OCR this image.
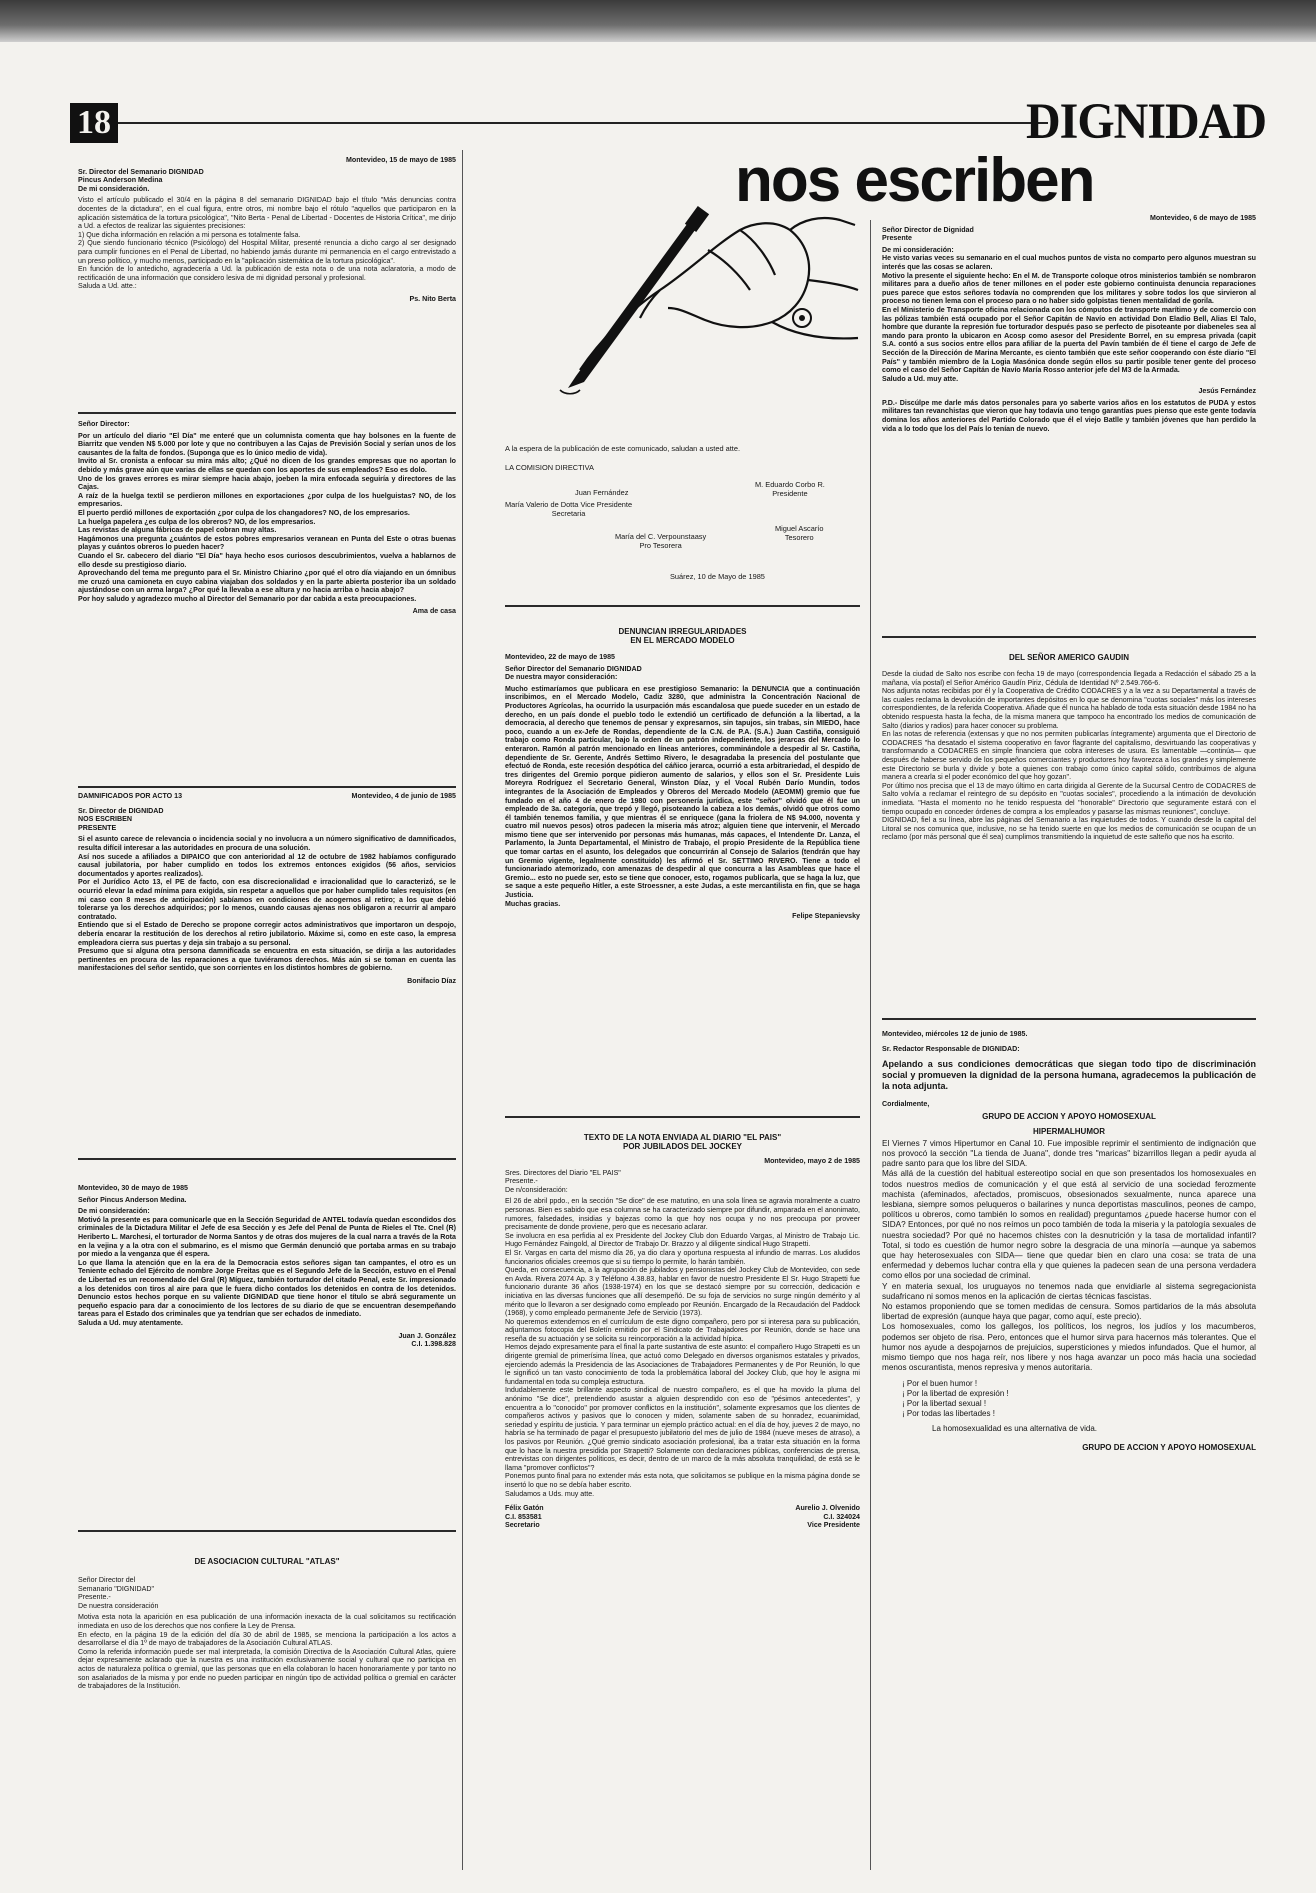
18	DIGNIDAD
nos escriben

Montevideo, 15 de mayo de 1985

Sr. Director del Semanario DIGNIDAD
Pincus Anderson Medina
De mi consideración.

Visto el artículo publicado el 30/4 en la página 8 del semanario DIGNIDAD bajo el título "Más denuncias contra docentes de la dictadura", en el cual figura, entre otros, mi nombre bajo el rótulo "aquellos que participaron en la aplicación sistemática de la tortura psicológica", "Nito Berta - Penal de Libertad - Docentes de Historia Crítica", me dirijo a Ud. a efectos de realizar las siguientes precisiones:
1) Que dicha información en relación a mi persona es totalmente falsa.
2) Que siendo funcionario técnico (Psicólogo) del Hospital Militar, presenté renuncia a dicho cargo al ser designado para cumplir funciones en el Penal de Libertad, no habiendo jamás durante mi permanencia en el cargo entrevistado a un preso político, y mucho menos, participado en la "aplicación sistemática de la tortura psicológica".
En función de lo antedicho, agradecería a Ud. la publicación de esta nota o de una nota aclaratoria, a modo de rectificación de una información que considero lesiva de mi dignidad personal y profesional.
Saluda a Ud. atte.:

Ps. Nito Berta

Señor Director:

Por un artículo del diario "El Día" me enteré que un columnista comenta que hay bolsones en la fuente de Biarritz que venden N$ 5.000 por lote y que no contribuyen a las Cajas de Previsión Social y serían unos de los causantes de la falta de fondos. (Suponga que es lo único medio de vida).
Invito al Sr. cronista a enfocar su mira más alto; ¿Qué no dicen de los grandes empresas que no aportan lo debido y más grave aún que varias de ellas se quedan con los aportes de sus empleados? Eso es dolo.
Uno de los graves errores es mirar siempre hacia abajo, joeben la mira enfocada seguiría y directores de las Cajas.
A raíz de la huelga textil se perdieron millones en exportaciones ¿por culpa de los huelguistas? NO, de los empresarios.
El puerto perdió millones de exportación ¿por culpa de los changadores? NO, de los empresarios.
La huelga papelera ¿es culpa de los obreros? NO, de los empresarios.
Las revistas de alguna fábricas de papel cobran muy altas.
Hagámonos una pregunta ¿cuántos de estos pobres empresarios veranean en Punta del Este o otras buenas playas y cuántos obreros lo pueden hacer?
Cuando el Sr. cabecero del diario "El Día" haya hecho esos curiosos descubrimientos, vuelva a hablarnos de ello desde su prestigioso diario.
Aprovechando del tema me pregunto para el Sr. Ministro Chiarino ¿por qué el otro día viajando en un ómnibus me cruzó una camioneta en cuyo cabina viajaban dos soldados y en la parte abierta posterior iba un soldado ajustándose con un arma larga? ¿Por qué la llevaba a ese altura y no hacia arriba o hacia abajo?
Por hoy saludo y agradezco mucho al Director del Semanario por dar cabida a esta preocupaciones.

Ama de casa

DAMNIFICADOS POR ACTO 13	Montevideo, 4 de junio de 1985

Sr. Director de DIGNIDAD
NOS ESCRIBEN
PRESENTE

Si el asunto carece de relevancia o incidencia social y no involucra a un número significativo de damnificados, resulta difícil interesar a las autoridades en procura de una solución.
Así nos sucede a afiliados a DIPAICO que con anterioridad al 12 de octubre de 1982 habíamos configurado causal jubilatoria, por haber cumplido en todos los extremos entonces exigidos (56 años, servicios documentados y aportes realizados).
Por el Jurídico Acto 13, el PE de facto, con esa discrecionalidad e irracionalidad que lo caracterizó, se le ocurrió elevar la edad mínima para exigida, sin respetar a aquellos que por haber cumplido tales requisitos (en mi caso con 8 meses de anticipación) sabíamos en condiciones de acogernos al retiro; a los que debió tolerarse ya los derechos adquiridos; por lo menos, cuando causas ajenas nos obligaron a recurrir al amparo contratado.
Entiendo que si el Estado de Derecho se propone corregir actos administrativos que importaron un despojo, debería encarar la restitución de los derechos al retiro jubilatorio. Máxime si, como en este caso, la empresa empleadora cierra sus puertas y deja sin trabajo a su personal.
Presumo que si alguna otra persona damnificada se encuentra en esta situación, se dirija a las autoridades pertinentes en procura de las reparaciones a que tuviéramos derechos. Más aún si se toman en cuenta las manifestaciones del señor sentido, que son corrientes en los distintos hombres de gobierno.

Bonifacio Díaz

Montevideo, 30 de mayo de 1985

Señor Pincus Anderson Medina.

De mi consideración:
Motivó la presente es para comunicarle que en la Sección Seguridad de ANTEL todavía quedan escondidos dos criminales de la Dictadura Militar el Jefe de esa Sección y es Jefe del Penal de Punta de Rieles el Tte. Cnel (R) Heriberto L. Marchesi, el torturador de Norma Santos y de otras dos mujeres de la cual narra a través de la Rota en la vejina y a la otra con el submarino, es el mismo que Germán denunció que portaba armas en su trabajo por miedo a la venganza que él espera.
Lo que llama la atención que en la era de la Democracia estos señores sigan tan campantes, el otro es un Teniente echado del Ejército de nombre Jorge Freitas que es el Segundo Jefe de la Sección, estuvo en el Penal de Libertad es un recomendado del Gral (R) Míguez, también torturador del citado Penal, este Sr. impresionado a los detenidos con tiros al aire para que le fuera dicho contados los detenidos en contra de los detenidos. Denuncio estos hechos porque en su valiente DIGNIDAD que tiene honor el título se abrá seguramente un pequeño espacio para dar a conocimiento de los lectores de su diario de que se encuentran desempeñando tareas para el Estado dos criminales que ya tendrían que ser echados de inmediato.
Saluda a Ud. muy atentamente.

Juan J. González
C.I. 1.398.828

DE ASOCIACION CULTURAL "ATLAS"

Señor Director del
Semanario "DIGNIDAD"
Presente.-
De nuestra consideración

Motiva esta nota la aparición en esa publicación de una información inexacta de la cual solicitamos su rectificación inmediata en uso de los derechos que nos confiere la Ley de Prensa.
En efecto, en la página 19 de la edición del día 30 de abril de 1985, se menciona la participación a los actos a desarrollarse el día 1º de mayo de trabajadores de la Asociación Cultural ATLAS.
Como la referida información puede ser mal interpretada, la comisión Directiva de la Asociación Cultural Atlas, quiere dejar expresamente aclarado que la nuestra es una institución exclusivamente social y cultural que no participa en actos de naturaleza política o gremial, que las personas que en ella colaboran lo hacen honorariamente y por tanto no son asalariados de la misma y por ende no pueden participar en ningún tipo de actividad política o gremial en carácter de trabajadores de la Institución.

A la espera de la publicación de este comunicado, saludan a usted atte.

LA COMISION DIRECTIVA

Juan Fernández
M. Eduardo Corbo R.
Presidente
María Valerio de Dotta Vice Presidente
Secretaria
Miguel Ascarío
Tesorero
María del C. Verpounstaasy
Pro Tesorera
Suárez, 10 de Mayo de 1985

DENUNCIAN IRREGULARIDADES
EN EL MERCADO MODELO

Montevideo, 22 de mayo de 1985

Señor Director del Semanario DIGNIDAD
De nuestra mayor consideración:

Mucho estimaríamos que publicara en ese prestigioso Semanario: la DENUNCIA que a continuación inscribimos, en el Mercado Modelo, Cadiz 3280, que administra la Concentración Nacional de Productores Agrícolas, ha ocurrido la usurpación más escandalosa que puede suceder en un estado de derecho, en un país donde el pueblo todo le extendió un certificado de defunción a la libertad, a la democracia, al derecho que tenemos de pensar y expresarnos, sin tapujos, sin trabas, sin MIEDO, hace poco, cuando a un ex-Jefe de Rondas, dependiente de la C.N. de P.A. (S.A.) Juan Castiña, consiguió trabajo como Ronda particular, bajo la orden de un patrón independiente, los jerarcas del Mercado lo enteraron. Ramón al patrón mencionado en líneas anteriores, comminándole a despedir al Sr. Castiña, dependiente de Sr. Gerente, Andrés Settimo Rivero, le desagradaba la presencia del postulante que efectuó de Ronda, este recesión despótica del cáñico jerarca, ocurrió a esta arbitrariedad, el despido de tres dirigentes del Gremio porque pidieron aumento de salarios, y ellos son el Sr. Presidente Luis Moreyra Rodríguez el Secretario General, Winston Díaz, y el Vocal Rubén Darío Mundin, todos integrantes de la Asociación de Empleados y Obreros del Mercado Modelo (AEOMM) gremio que fue fundado en el año 4 de enero de 1980 con personería jurídica, este "señor" olvidó que él fue un empleado de 3a. categoría, que trepó y llegó, pisoteando la cabeza a los demás, olvidó que otros como él también tenemos familia, y que mientras él se enriquece (gana la friolera de N$ 94.000, noventa y cuatro mil nuevos pesos) otros padecen la miseria más atroz; alguien tiene que intervenir, el Mercado mismo tiene que ser intervenido por personas más humanas, más capaces, el Intendente Dr. Lanza, el Parlamento, la Junta Departamental, el Ministro de Trabajo, el propio Presidente de la República tiene que tomar cartas en el asunto, los delegados que concurrirán al Consejo de Salarios (tendrán que hay un Gremio vigente, legalmente constituido) les afirmó el Sr. SETTIMO RIVERO. Tiene a todo el funcionariado atemorizado, con amenazas de despedir al que concurra a las Asambleas que hace el Gremio... esto no puede ser, esto se tiene que conocer, esto, rogamos publicarla, que se haga la luz, que se saque a este pequeño Hitler, a este Stroessner, a este Judas, a este mercantilista en fin, que se haga Justicia.
Muchas gracias.

Felipe Stepanievsky

TEXTO DE LA NOTA ENVIADA AL DIARIO "EL PAIS"
POR JUBILADOS DEL JOCKEY

Montevideo, mayo 2 de 1985

Sres. Directores del Diario "EL PAIS"
Presente.-
De n/consideración:

El 26 de abril ppdo., en la sección "Se dice" de ese matutino, en una sola línea se agravia moralmente a cuatro personas. Bien es sabido que esa columna se ha caracterizado siempre por difundir, amparada en el anonimato, rumores, falsedades, insidias y bajezas como la que hoy nos ocupa y no nos preocupa por proveer precisamente de donde proviene, pero que es necesario aclarar.
Se involucra en esa perfidia al ex Presidente del Jockey Club don Eduardo Vargas, al Ministro de Trabajo Lic. Hugo Fernández Faingold, al Director de Trabajo Dr. Brazzo y al diligente sindical Hugo Strapetti.
El Sr. Vargas en carta del mismo día 26, ya dio clara y oportuna respuesta al infundio de marras. Los aludidos funcionarios oficiales creemos que si su tiempo lo permite, lo harán también.
Queda, en consecuencia, a la agrupación de jubilados y pensionistas del Jockey Club de Montevideo, con sede en Avda. Rivera 2074 Ap. 3 y Teléfono 4.38.83, hablar en favor de nuestro Presidente El Sr. Hugo Strapetti fue funcionario durante 36 años (1938-1974) en los que se destacó siempre por su corrección, dedicación e iniciativa en las diversas funciones que allí desempeñó. De su foja de servicios no surge ningún demérito y al mérito que lo llevaron a ser designado como empleado por Reunión. Encargado de la Recaudación del Paddock (1968), y como empleado permanente Jefe de Servicio (1973).
No queremos extendernos en el currículum de este digno compañero, pero por si interesa para su publicación, adjuntamos fotocopia del Boletín emitido por el Sindicato de Trabajadores por Reunión, donde se hace una reseña de su actuación y se solicita su reincorporación a la actividad hípica.
Hemos dejado expresamente para el final la parte sustantiva de este asunto: el compañero Hugo Strapetti es un dirigente gremial de primerísima línea, que actuó como Delegado en diversos organismos estatales y privados, ejerciendo además la Presidencia de las Asociaciones de Trabajadores Permanentes y de Por Reunión, lo que le significó un tan vasto conocimiento de toda la problemática laboral del Jockey Club, que hoy le asigna mi fundamental en toda su compleja estructura.
Indudablemente este brillante aspecto sindical de nuestro compañero, es el que ha movido la pluma del anónimo "Se dice", pretendiendo asustar a alguien desprendido con eso de "pésimos antecedentes", y encuentra a lo "conocido" por promover conflictos en la institución", solamente expresamos que los clientes de compañeros activos y pasivos que lo conocen y miden, solamente saben de su honradez, ecuanimidad, seriedad y espíritu de justicia. Y para terminar un ejemplo práctico actual: en el día de hoy, jueves 2 de mayo, no habría se ha terminado de pagar el presupuesto jubilatorio del mes de julio de 1984 (nueve meses de atraso), a los pasivos por Reunión. ¿Qué gremio sindicato asociación profesional, iba a tratar esta situación en la forma que lo hace la nuestra presidida por Strapetti? Solamente con declaraciones públicas, conferencias de prensa, entrevistas con dirigentes políticos, es decir, dentro de un marco de la más absoluta tranquilidad, de está se le llama "promover conflictos"?
Ponemos punto final para no extender más esta nota, que solicitamos se publique en la misma página donde se insertó lo que no se debía haber escrito.
Saludamos a Uds. muy atte.

Félix Gatón
C.I. 853581
Secretario
Aurelio J. Olvenido
C.I. 324024
Vice Presidente

Montevideo, 6 de mayo de 1985

Señor Director de Dignidad
Presente

De mi consideración:
He visto varias veces su semanario en el cual muchos puntos de vista no comparto pero algunos muestran su interés que las cosas se aclaren.
Motivo la presente el siguiente hecho: En el M. de Transporte coloque otros ministerios también se nombraron militares para a dueño años de tener millones en el poder este gobierno continuista denuncia reparaciones pues parece que estos señores todavía no comprenden que los militares y sobre todos los que sirvieron al proceso no tienen lema con el proceso para o no haber sido golpistas tienen mentalidad de gorila.
En el Ministerio de Transporte oficina relacionada con los cómputos de transporte marítimo y de comercio con las pólizas también está ocupado por el Señor Capitán de Navío en actividad Don Eladio Bell, Alias El Talo, hombre que durante la represión fue torturador después paso se perfecto de pisoteante por diabeneles sea al mando para pronto la ubicaron en Acosp como asesor del Presidente Borrel, en su empresa privada (capit S.A. contó a sus socios entre ellos para afiliar de la puerta del Pavín también de él tiene el cargo de Jefe de Sección de la Dirección de Marina Mercante, es ciento también que este señor cooperando con éste diario "El País" y también miembro de la Logia Masónica donde según ellos su partir posible tener gente del proceso como el caso del Señor Capitán de Navío María Rosso anterior jefe del M3 de la Armada.
Saludo a Ud. muy atte.

Jesús Fernández

P.D.- Discúlpe me darle más datos personales para yo saberte varios años en los estatutos de PUDA y estos militares tan revanchistas que vieron que hay todavía uno tengo garantías pues pienso que este gente todavía domina los años anteriores del Partido Colorado que él el viejo Batlle y también jóvenes que han perdido la vida a lo todo que los del País lo tenían de nuevo.

DEL SEÑOR AMERICO GAUDIN

Desde la ciudad de Salto nos escribe con fecha 19 de mayo (correspondencia llegada a Redacción el sábado 25 a la mañana, vía postal) el Señor Américo Gaudín Piriz, Cédula de Identidad Nº 2.549.766-6.
Nos adjunta notas recibidas por él y la Cooperativa de Crédito CODACRES y a la vez a su Departamental a través de las cuales reclama la devolución de importantes depósitos en lo que se denomina "cuotas sociales" más los intereses correspondientes, de la referida Cooperativa. Añade que él nunca ha hablado de toda esta situación desde 1984 no ha obtenido respuesta hasta la fecha, de la misma manera que tampoco ha encontrado los medios de comunicación de Salto (diarios y radios) para hacer conocer su problema.
En las notas de referencia (extensas y que no nos permiten publicarlas íntegramente) argumenta que el Directorio de CODACRES "ha desatado el sistema cooperativo en favor flagrante del capitalismo, desvirtuando las cooperativas y transformando a CODACRES en simple financiera que cobra intereses de usura. Es lamentable —continúa— que después de haberse servido de los pequeños comerciantes y productores hoy favorezca a los grandes y simplemente este Directorio se burla y divide y bote a quienes con trabajo como único capital sólido, contribuimos de alguna manera a crearla si el poder económico del que hoy gozan".
Por último nos precisa que el 13 de mayo último en carta dirigida al Gerente de la Sucursal Centro de CODACRES de Salto volvía a reclamar el reintegro de su depósito en "cuotas sociales", procediendo a la intimación de devolución inmediata. "Hasta el momento no he tenido respuesta del "honorable" Directorio que seguramente estará con el tiempo ocupado en conceder órdenes de compra a los empleados y pasarse las mismas reuniones", concluye.
DIGNIDAD, fiel a su línea, abre las páginas del Semanario a las inquietudes de todos. Y cuando desde la capital del Litoral se nos comunica que, inclusive, no se ha tenido suerte en que los medios de comunicación se ocupan de un reclamo (por más personal que él sea) cumplimos transmitiendo la inquietud de este salteño que nos ha escrito.

Montevideo, miércoles 12 de junio de 1985.

Sr. Redactor Responsable de DIGNIDAD:

Apelando a sus condiciones democráticas que siegan todo tipo de discriminación social y promueven la dignidad de la persona humana, agradecemos la publicación de la nota adjunta.

Cordialmente,

GRUPO DE ACCION Y APOYO HOMOSEXUAL

HIPERMALHUMOR

El Viernes 7 vimos Hipertumor en Canal 10. Fue imposible reprimir el sentimiento de indignación que nos provocó la sección "La tienda de Juana", donde tres "maricas" bizarrillos llegan a pedir ayuda al padre santo para que los libre del SIDA.
Más allá de la cuestión del habitual estereotipo social en que son presentados los homosexuales en todos nuestros medios de comunicación y el que está al servicio de una sociedad ferozmente machista (afeminados, afectados, promiscuos, obsesionados sexualmente, nunca aparece una lesbiana, siempre somos peluqueros o bailarines y nunca deportistas masculinos, peones de campo, políticos u obreros, como también lo somos en realidad) preguntamos ¿puede hacerse humor con el SIDA? Entonces, por qué no nos reímos un poco también de toda la miseria y la patología sexuales de nuestra sociedad? Por qué no hacemos chistes con la desnutrición y la tasa de mortalidad infantil? Total, si todo es cuestión de humor negro sobre la desgracia de una minoría —aunque ya sabemos que hay heterosexuales con SIDA— tiene que quedar bien en claro una cosa: se trata de una enfermedad y debemos luchar contra ella y que quienes la padecen sean de una persona verdadera como ellos por una sociedad de criminal.
Y en materia sexual, los uruguayos no tenemos nada que envidiarle al sistema segregacionista sudafricano ni somos menos en la aplicación de ciertas técnicas fascistas.
No estamos proponiendo que se tomen medidas de censura. Somos partidarios de la más absoluta libertad de expresión (aunque haya que pagar, como aquí, este precio).
Los homosexuales, como los gallegos, los políticos, los negros, los judíos y los macumberos, podemos ser objeto de risa. Pero, entonces que el humor sirva para hacernos más tolerantes. Que el humor nos ayude a despojarnos de prejuicios, supersticiones y miedos infundados. Que el humor, al mismo tiempo que nos haga reír, nos libere y nos haga avanzar un poco más hacia una sociedad menos oscurantista, menos represiva y menos autoritaria.

¡ Por el buen humor !
¡ Por la libertad de expresión !
¡ Por la libertad sexual !
¡ Por todas las libertades !

La homosexualidad es una alternativa de vida.

GRUPO DE ACCION Y APOYO HOMOSEXUAL
